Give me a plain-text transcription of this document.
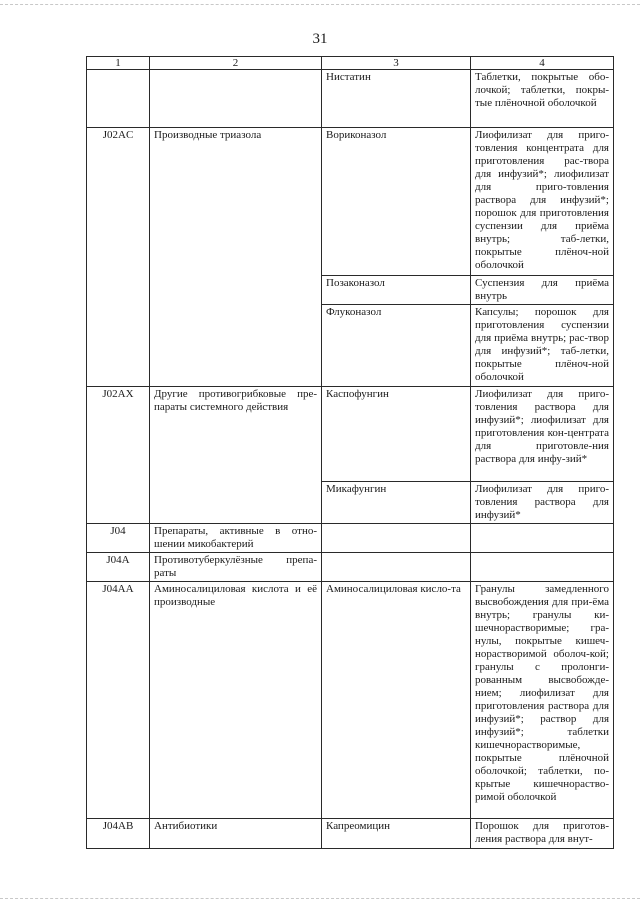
31
1	2	3	4
		Нистатин	Таблетки, покрытые обо-лочкой; таблетки, покры-тые плёночной оболочкой
J02AC	Производные триазола	Вориконазол	Лиофилизат для приго-товления концентрата для приготовления рас-твора для инфузий*; лиофилизат для приго-товления раствора для инфузий*; порошок для приготовления суспензии для приёма внутрь; таб-летки, покрытые плёноч-ной оболочкой
		Позаконазол	Суспензия для приёма внутрь
		Флуконазол	Капсулы; порошок для приготовления суспензии для приёма внутрь; рас-твор для инфузий*; таб-летки, покрытые плёноч-ной оболочкой
J02AX	Другие противогрибковые пре-параты системного действия	Каспофунгин	Лиофилизат для приго-товления раствора для инфузий*; лиофилизат для приготовления кон-центрата для приготовле-ния раствора для инфу-зий*
		Микафунгин	Лиофилизат для приго-товления раствора для инфузий*
J04	Препараты, активные в отно-шении микобактерий		
J04A	Противотуберкулёзные препа-раты		
J04AA	Аминосалициловая кислота и её производные	Аминосалициловая кисло-та	Гранулы замедленного высвобождения для при-ёма внутрь; гранулы ки-шечнорастворимые; гра-нулы, покрытые кишеч-норастворимой оболоч-кой; гранулы с пролонги-рованным высвобожде-нием; лиофилизат для приготовления раствора для инфузий*; раствор для инфузий*; таблетки кишечнорастворимые, покрытые плёночной оболочкой; таблетки, по-крытые кишечнораство-римой оболочкой
J04AB	Антибиотики	Капреомицин	Порошок для приготов-ления раствора для внут-
